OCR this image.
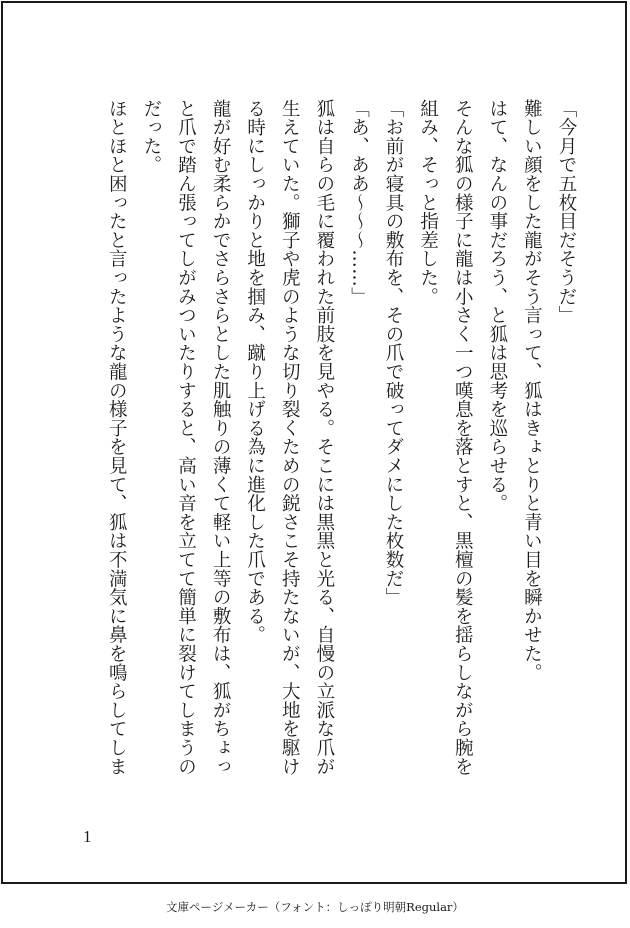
「今月で五枚目だそうだ」
難しい顔をした龍がそう言って、狐はきょとりと青い目を瞬かせた。
はて、なんの事だろう、と狐は思考を巡らせる。
そんな狐の様子に龍は小さく一つ嘆息を落とすと、黒檀の髪を揺らしながら腕を
組み、そっと指差した。
「お前が寝具の敷布を、その爪で破ってダメにした枚数だ」
「あ、ああ〜〜〜……」
狐は自らの毛に覆われた前肢を見やる。そこには黒黒と光る、自慢の立派な爪が
生えていた。獅子や虎のような切り裂くための鋭さこそ持たないが、大地を駆け
る時にしっかりと地を掴み、蹴り上げる為に進化した爪である。
龍が好む柔らかでさらさらとした肌触りの薄くて軽い上等の敷布は、狐がちょっ
と爪で踏ん張ってしがみついたりすると、高い音を立てて簡単に裂けてしまうの
だった。
ほとほと困ったと言ったような龍の様子を見て、狐は不満気に鼻を鳴らしてしま
1
文庫ページメーカー（フォント：しっぽり明朝Regular）
